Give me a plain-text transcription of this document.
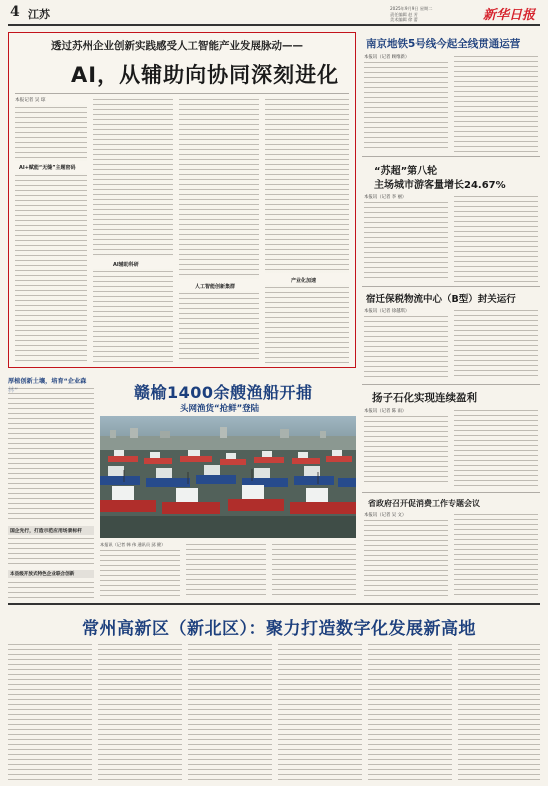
4 江苏	2025年9月9日 星期二
责任编辑 赵 芳
美术编辑 徐 蕾	新华日报
透过苏州企业创新实践感受人工智能产业发展脉动——
AI，从辅助向协同深刻进化
本报记者 吴 琼
AI+赋能“无缝”主题密码
AI辅助科研
人工智能创新集群
产业化加速
南京地铁5号线今起全线贯通运营
本报讯（记者 顾维新）
“苏超”第八轮
主场城市游客量增长24.67%
本报讯（记者 李 丽）
宿迁保税物流中心（B型）封关运行
本报讯（记者 徐越琪）
扬子石化实现连续盈利
本报讯（记者 陈 雨）
省政府召开促消费工作专题会议
本报讯（记者 吴 文）
厚植创新土壤，培育“企业森
国企先行，打造示范应用场景标杆
本县级开放式特色企业联合创新
赣榆1400余艘渔船开捕
头网渔货“抢鲜”登陆
本报讯（记者 韩 伟 通讯员 邱 健）
常州高新区（新北区）：聚力打造数字化发展新高地
